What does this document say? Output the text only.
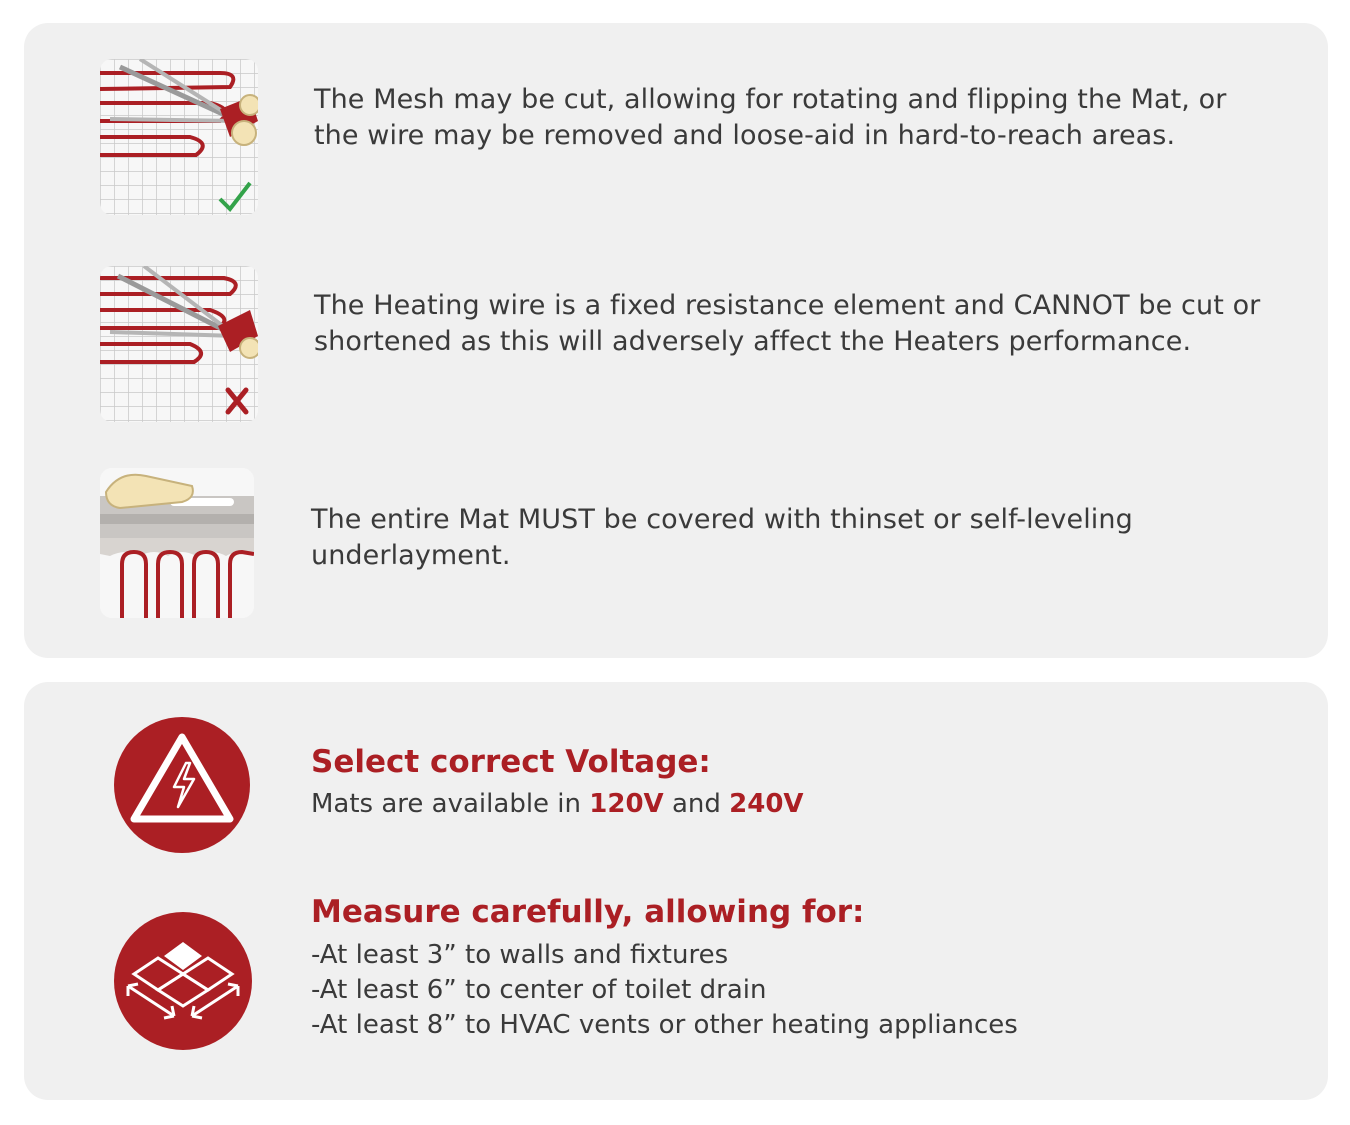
The Mesh may be cut, allowing for rotating and flipping the Mat, or the wire may be removed and loose-aid in hard-to-reach areas.
The Heating wire is a fixed resistance element and CANNOT be cut or shortened as this will adversely affect the Heaters performance.
The entire Mat MUST be covered with thinset or self-leveling underlayment.
Select correct Voltage:
Mats are available in 120V and 240V
Measure carefully, allowing for:
-At least 3” to walls and fixtures
-At least 6” to center of toilet drain
-At least 8” to HVAC vents or other heating appliances
